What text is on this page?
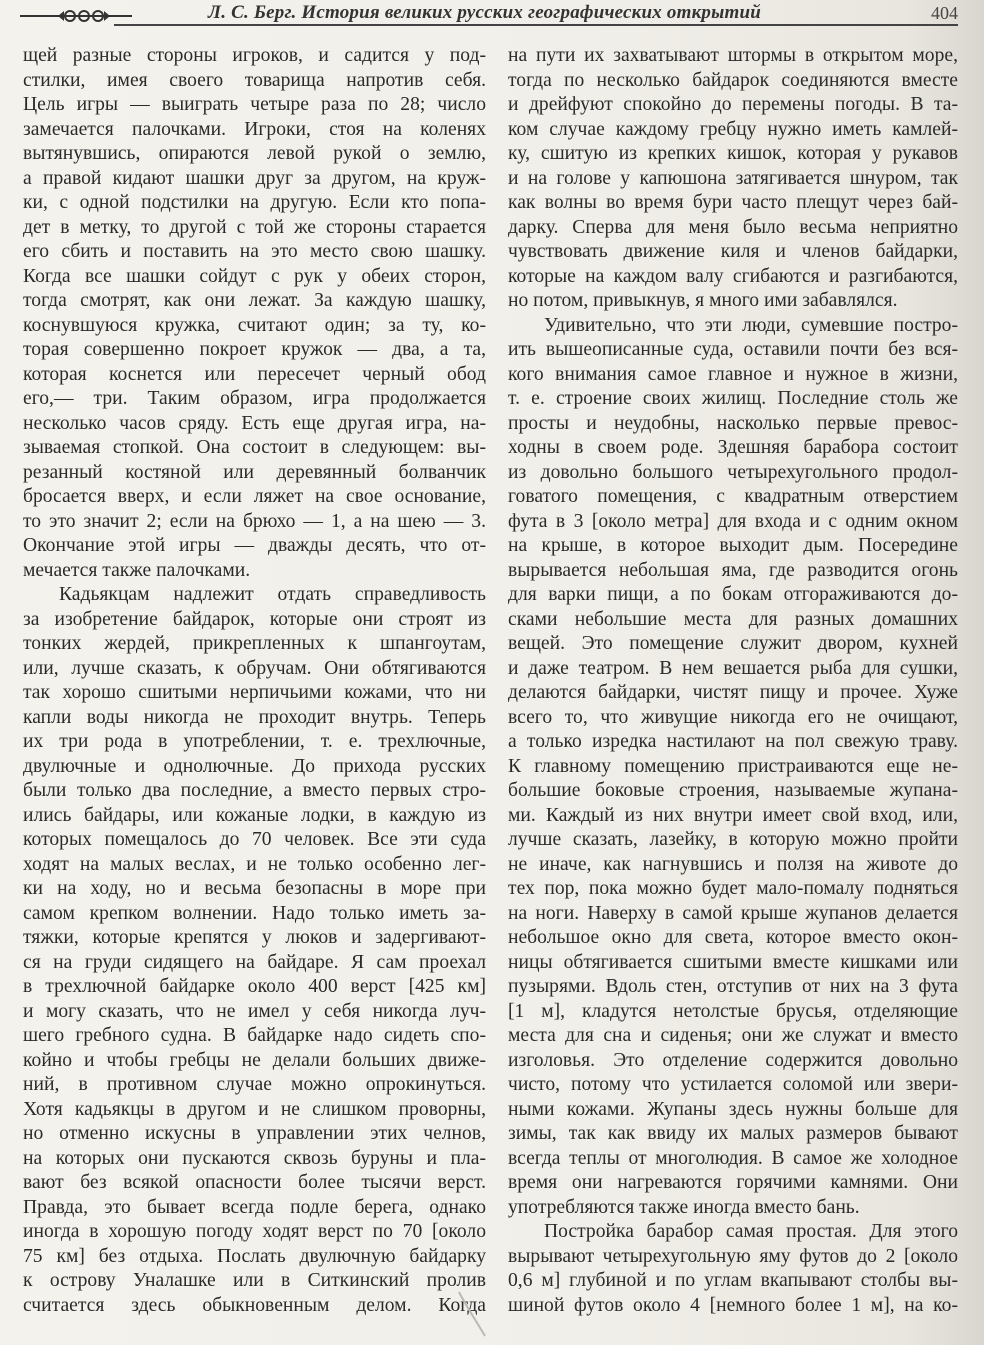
Л. С. Берг. История великих русских географических открытий	404
щей разные стороны игроков, и садится у под-
стилки, имея своего товарища напротив себя.
Цель игры — выиграть четыре раза по 28; число
замечается палочками. Игроки, стоя на коленях
вытянувшись, опираются левой рукой о землю,
а правой кидают шашки друг за другом, на круж-
ки, с одной подстилки на другую. Если кто попа-
дет в метку, то другой с той же стороны старается
его сбить и поставить на это место свою шашку.
Когда все шашки сойдут с рук у обеих сторон,
тогда смотрят, как они лежат. За каждую шашку,
коснувшуюся кружка, считают один; за ту, ко-
торая совершенно покроет кружок — два, а та,
которая коснется или пересечет черный обод
его,— три. Таким образом, игра продолжается
несколько часов сряду. Есть еще другая игра, на-
зываемая стопкой. Она состоит в следующем: вы-
резанный костяной или деревянный болванчик
бросается вверх, и если ляжет на свое основание,
то это значит 2; если на брюхо — 1, а на шею — 3.
Окончание этой игры — дважды десять, что от-
мечается также палочками.
Кадьякцам надлежит отдать справедливость
за изобретение байдарок, которые они строят из
тонких жердей, прикрепленных к шпангоутам,
или, лучше сказать, к обручам. Они обтягиваются
так хорошо сшитыми нерпичьими кожами, что ни
капли воды никогда не проходит внутрь. Теперь
их три рода в употреблении, т. е. трехлючные,
двулючные и однолючные. До прихода русских
были только два последние, а вместо первых стро-
ились байдары, или кожаные лодки, в каждую из
которых помещалось до 70 человек. Все эти суда
ходят на малых веслах, и не только особенно лег-
ки на ходу, но и весьма безопасны в море при
самом крепком волнении. Надо только иметь за-
тяжки, которые крепятся у люков и задергивают-
ся на груди сидящего на байдаре. Я сам проехал
в трехлючной байдарке около 400 верст [425 км]
и могу сказать, что не имел у себя никогда луч-
шего гребного судна. В байдарке надо сидеть спо-
койно и чтобы гребцы не делали больших движе-
ний, в противном случае можно опрокинуться.
Хотя кадьякцы в другом и не слишком проворны,
но отменно искусны в управлении этих челнов,
на которых они пускаются сквозь буруны и пла-
вают без всякой опасности более тысячи верст.
Правда, это бывает всегда подле берега, однако
иногда в хорошую погоду ходят верст по 70 [около
75 км] без отдыха. Послать двулючную байдарку
к острову Уналашке или в Ситкинский пролив
считается здесь обыкновенным делом. Когда
на пути их захватывают штормы в открытом море,
тогда по несколько байдарок соединяются вместе
и дрейфуют спокойно до перемены погоды. В та-
ком случае каждому гребцу нужно иметь камлей-
ку, сшитую из крепких кишок, которая у рукавов
и на голове у капюшона затягивается шнуром, так
как волны во время бури часто плещут через бай-
дарку. Сперва для меня было весьма неприятно
чувствовать движение киля и членов байдарки,
которые на каждом валу сгибаются и разгибаются,
но потом, привыкнув, я много ими забавлялся.
Удивительно, что эти люди, сумевшие постро-
ить вышеописанные суда, оставили почти без вся-
кого внимания самое главное и нужное в жизни,
т. е. строение своих жилищ. Последние столь же
просты и неудобны, насколько первые превос-
ходны в своем роде. Здешняя барабора состоит
из довольно большого четырехугольного продол-
говатого помещения, с квадратным отверстием
фута в 3 [около метра] для входа и с одним окном
на крыше, в которое выходит дым. Посередине
вырывается небольшая яма, где разводится огонь
для варки пищи, а по бокам отгораживаются до-
сками небольшие места для разных домашних
вещей. Это помещение служит двором, кухней
и даже театром. В нем вешается рыба для сушки,
делаются байдарки, чистят пищу и прочее. Хуже
всего то, что живущие никогда его не очищают,
а только изредка настилают на пол свежую траву.
К главному помещению пристраиваются еще не-
большие боковые строения, называемые жупана-
ми. Каждый из них внутри имеет свой вход, или,
лучше сказать, лазейку, в которую можно пройти
не иначе, как нагнувшись и ползя на животе до
тех пор, пока можно будет мало-помалу подняться
на ноги. Наверху в самой крыше жупанов делается
небольшое окно для света, которое вместо окон-
ницы обтягивается сшитыми вместе кишками или
пузырями. Вдоль стен, отступив от них на 3 фута
[1 м], кладутся нетолстые брусья, отделяющие
места для сна и сиденья; они же служат и вместо
изголовья. Это отделение содержится довольно
чисто, потому что устилается соломой или звери-
ными кожами. Жупаны здесь нужны больше для
зимы, так как ввиду их малых размеров бывают
всегда теплы от многолюдия. В самое же холодное
время они нагреваются горячими камнями. Они
употребляются также иногда вместо бань.
Постройка барабор самая простая. Для этого
вырывают четырехугольную яму футов до 2 [около
0,6 м] глубиной и по углам вкапывают столбы вы-
шиной футов около 4 [немного более 1 м], на ко-
